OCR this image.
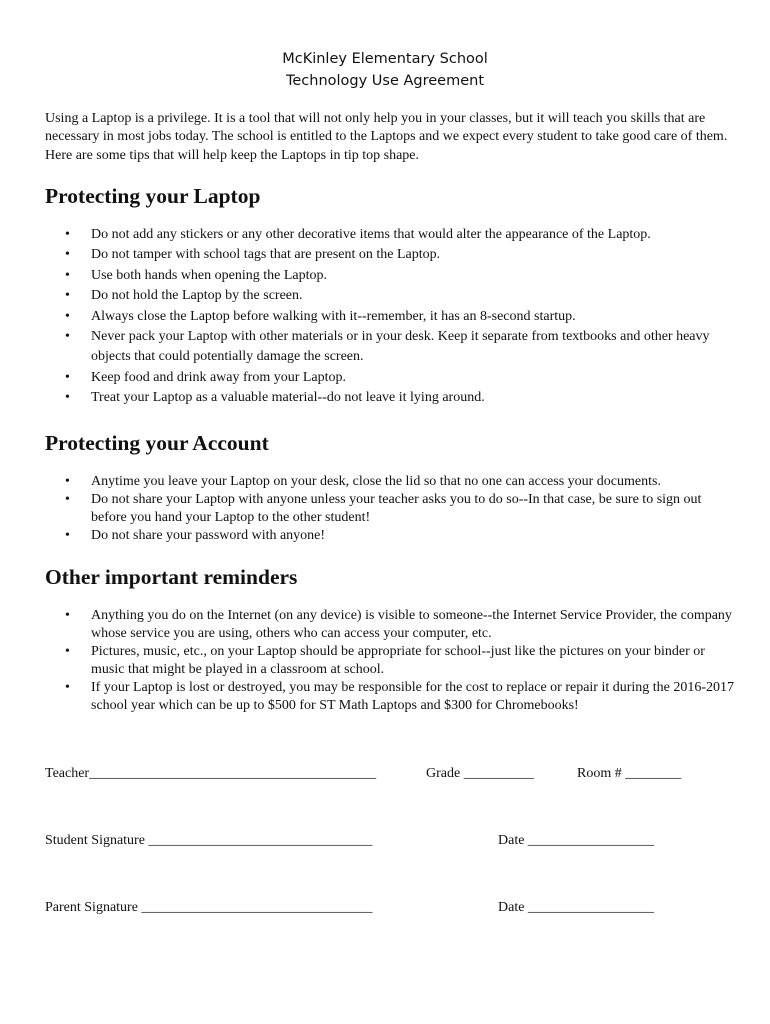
McKinley Elementary School
Technology Use Agreement

Using a Laptop is a privilege. It is a tool that will not only help you in your classes, but it will teach you skills that are necessary in most jobs today. The school is entitled to the Laptops and we expect every student to take good care of them. Here are some tips that will help keep the Laptops in tip top shape.

Protecting your Laptop
• Do not add any stickers or any other decorative items that would alter the appearance of the Laptop.
• Do not tamper with school tags that are present on the Laptop.
• Use both hands when opening the Laptop.
• Do not hold the Laptop by the screen.
• Always close the Laptop before walking with it--remember, it has an 8-second startup.
• Never pack your Laptop with other materials or in your desk. Keep it separate from textbooks and other heavy objects that could potentially damage the screen.
• Keep food and drink away from your Laptop.
• Treat your Laptop as a valuable material--do not leave it lying around.
Protecting your Account
• Anytime you leave your Laptop on your desk, close the lid so that no one can access your documents.
• Do not share your Laptop with anyone unless your teacher asks you to do so--In that case, be sure to sign out before you hand your Laptop to the other student!
• Do not share your password with anyone!
Other important reminders
• Anything you do on the Internet (on any device) is visible to someone--the Internet Service Provider, the company whose service you are using, others who can access your computer, etc.
• Pictures, music, etc., on your Laptop should be appropriate for school--just like the pictures on your binder or music that might be played in a classroom at school.
• If your Laptop is lost or destroyed, you may be responsible for the cost to replace or repair it during the 2016-2017 school year which can be up to $500 for ST Math Laptops and $300 for Chromebooks!
Teacher_________________________________________	Grade __________	Room # ________
Student Signature ________________________________	Date __________________
Parent Signature _________________________________	Date __________________
